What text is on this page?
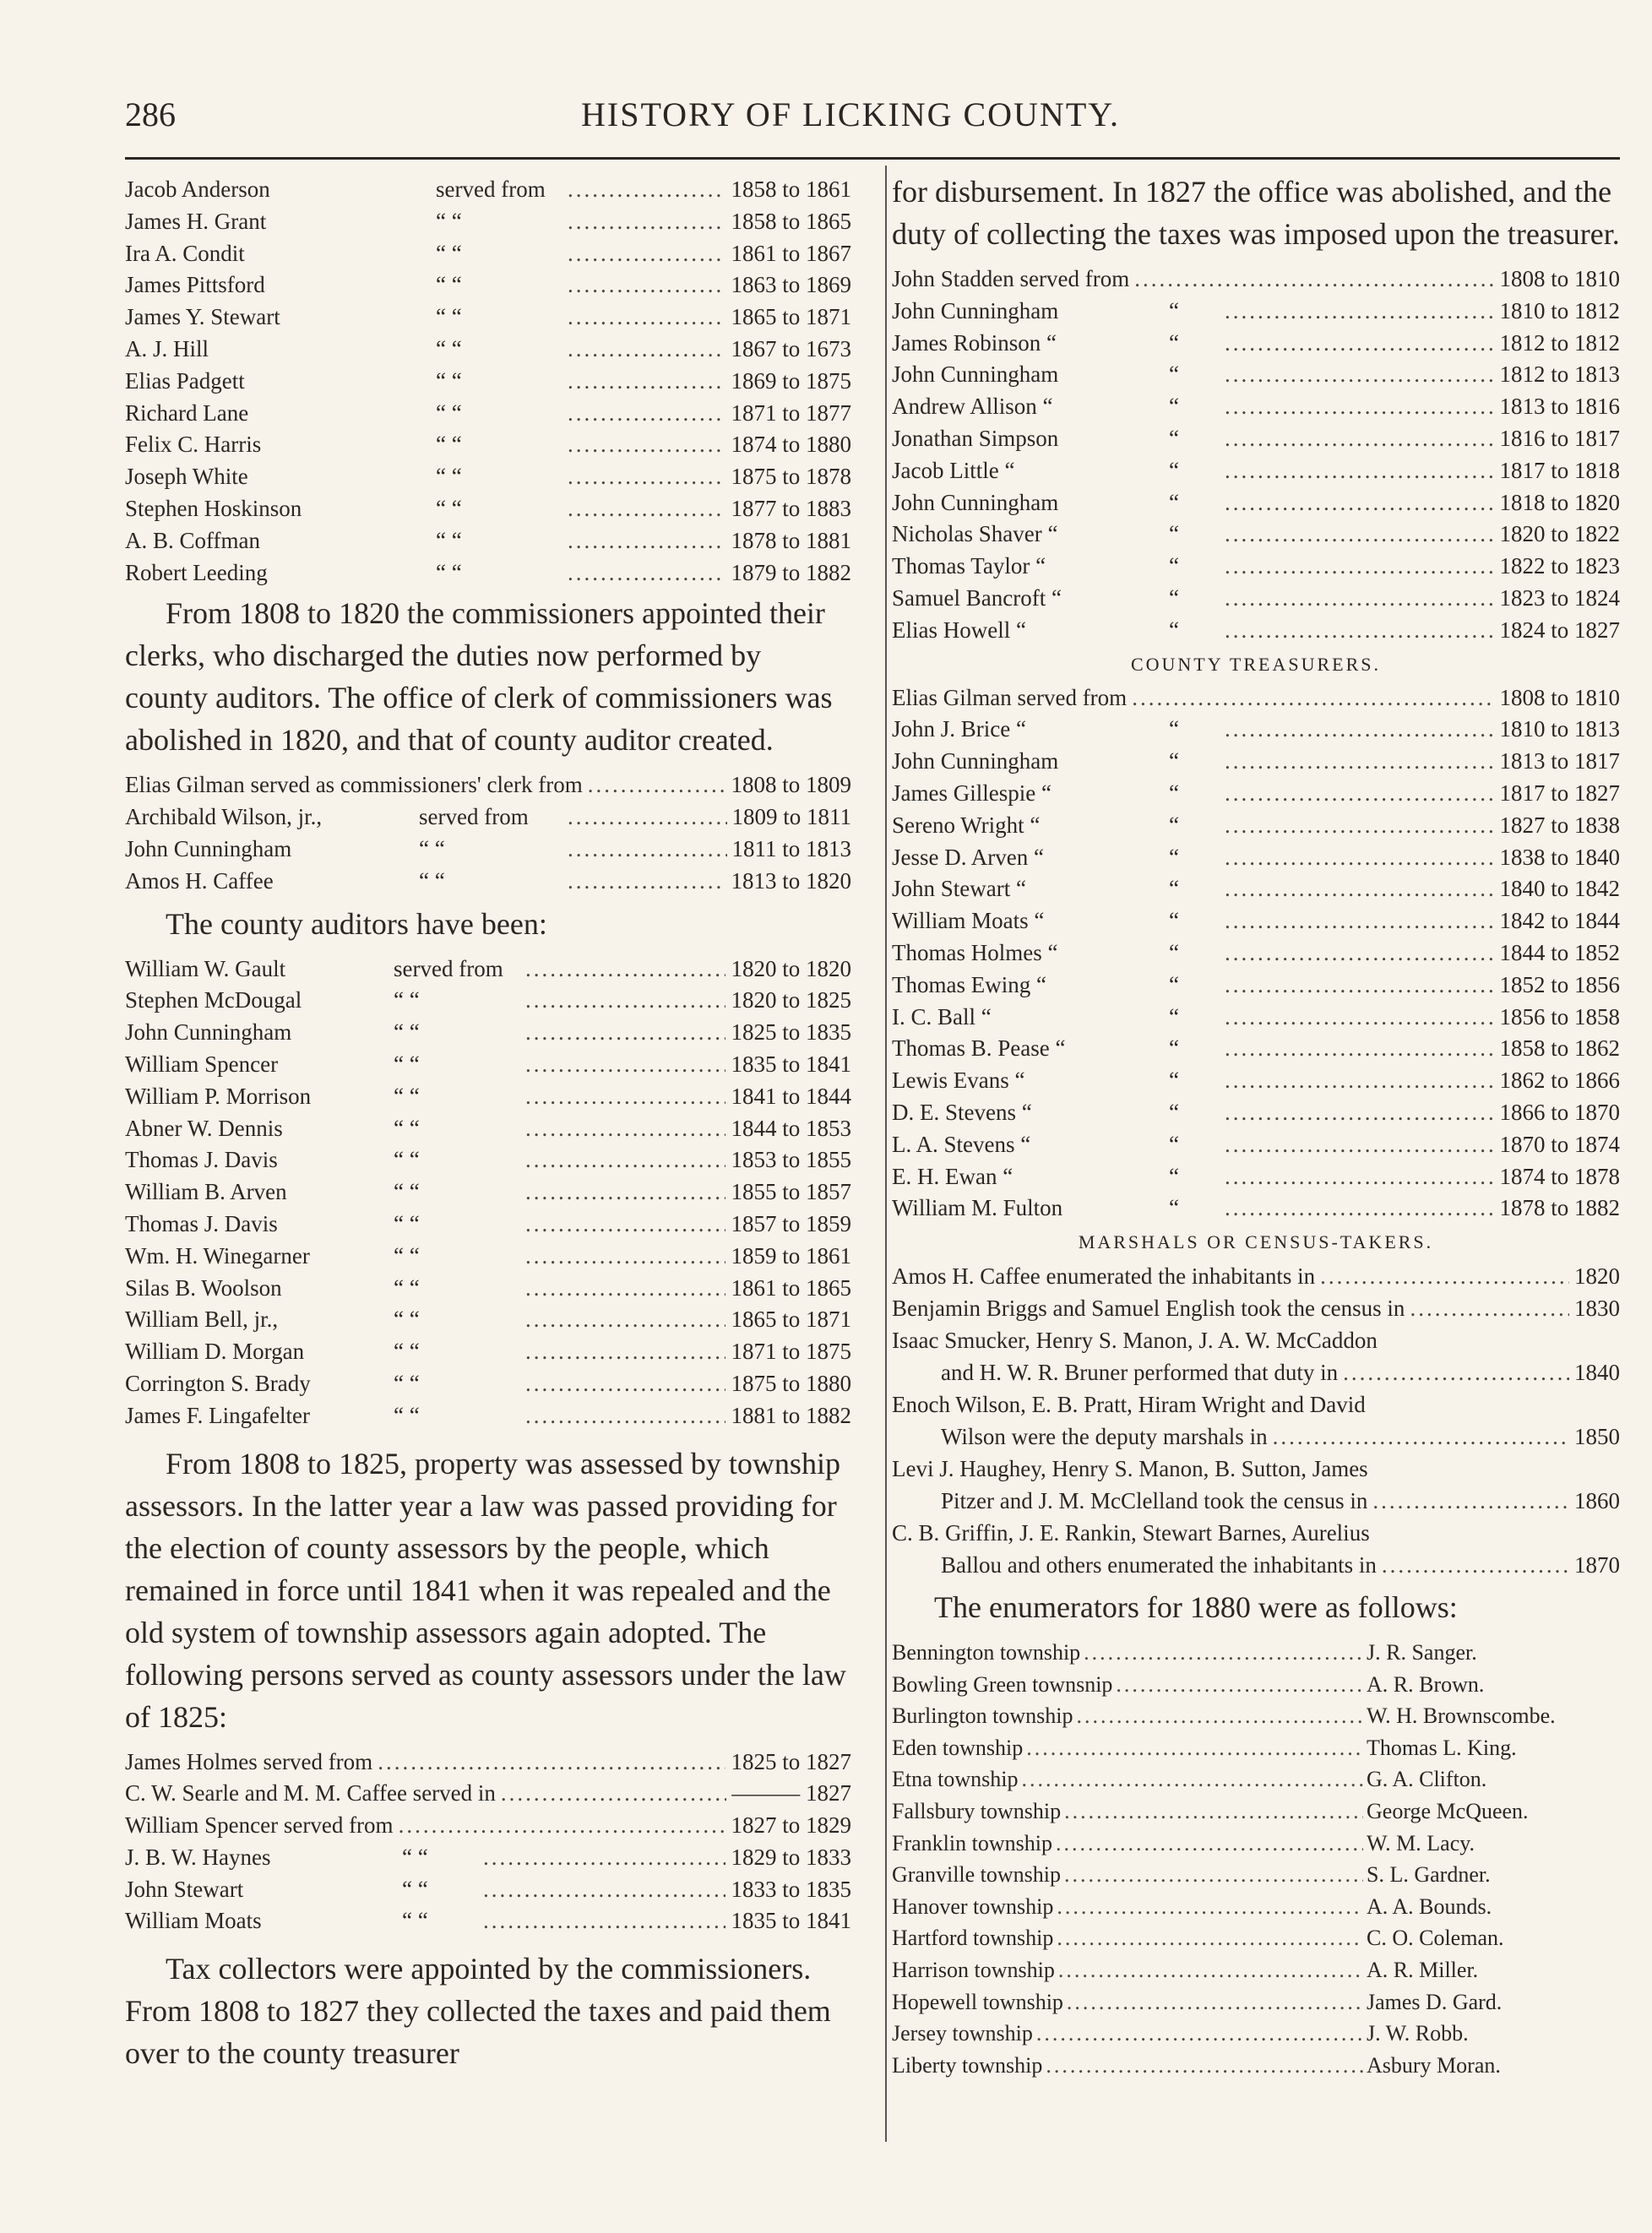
286	HISTORY OF LICKING COUNTY.
Jacob Anderson	served from .....	1858 to 1861
James H. Grant	“ “ .....	1858 to 1865
Ira A. Condit	“ “ .....	1861 to 1867
James Pittsford	“ “ .....	1863 to 1869
James Y. Stewart	“ “ .....	1865 to 1871
A. J. Hill	“ “ .....	1867 to 1673
Elias Padgett	“ “ .....	1869 to 1875
Richard Lane	“ “ .....	1871 to 1877
Felix C. Harris	“ “ .....	1874 to 1880
Joseph White	“ “ .....	1875 to 1878
Stephen Hoskinson	“ “ .....	1877 to 1883
A. B. Coffman	“ “ .....	1878 to 1881
Robert Leeding	“ “ .....	1879 to 1882
From 1808 to 1820 the commissioners appointed their clerks, who discharged the duties now performed by county auditors. The office of clerk of commissioners was abolished in 1820, and that of county auditor created.
Elias Gilman served as commissioners' clerk from .....	1808 to 1809
Archibald Wilson, jr.,	served from .....	1809 to 1811
John Cunningham	“ “ .....	1811 to 1813
Amos H. Caffee	“ “ .....	1813 to 1820
The county auditors have been:
William W. Gault	served from .....	1820 to 1820
Stephen McDougal	“ “ .....	1820 to 1825
John Cunningham	“ “ .....	1825 to 1835
William Spencer	“ “ .....	1835 to 1841
William P. Morrison	“ “ .....	1841 to 1844
Abner W. Dennis	“ “ .....	1844 to 1853
Thomas J. Davis	“ “ .....	1853 to 1855
William B. Arven	“ “ .....	1855 to 1857
Thomas J. Davis	“ “ .....	1857 to 1859
Wm. H. Winegarner	“ “ .....	1859 to 1861
Silas B. Woolson	“ “ .....	1861 to 1865
William Bell, jr.,	“ “ .....	1865 to 1871
William D. Morgan	“ “ .....	1871 to 1875
Corrington S. Brady	“ “ .....	1875 to 1880
James F. Lingafelter	“ “ .....	1881 to 1882
From 1808 to 1825, property was assessed by township assessors. In the latter year a law was passed providing for the election of county assessors by the people, which remained in force until 1841 when it was repealed and the old system of township assessors again adopted. The following persons served as county assessors under the law of 1825:
James Holmes served from .....	1825 to 1827
C. W. Searle and M. M. Caffee served in .....	——— 1827
William Spencer served from .....	1827 to 1829
J. B. W. Haynes	“ “ .....	1829 to 1833
John Stewart	“ “ .....	1833 to 1835
William Moats	“ “ .....	1835 to 1841
Tax collectors were appointed by the commissioners. From 1808 to 1827 they collected the taxes and paid them over to the county treasurer
for disbursement. In 1827 the office was abolished, and the duty of collecting the taxes was imposed upon the treasurer.
John Stadden served from .....	1808 to 1810
John Cunningham	“ .....	1810 to 1812
James Robinson “	“ .....	1812 to 1812
John Cunningham	“ .....	1812 to 1813
Andrew Allison “	“ .....	1813 to 1816
Jonathan Simpson	“ .....	1816 to 1817
Jacob Little “	“ .....	1817 to 1818
John Cunningham	“ .....	1818 to 1820
Nicholas Shaver “	“ .....	1820 to 1822
Thomas Taylor “	“ .....	1822 to 1823
Samuel Bancroft “	“ .....	1823 to 1824
Elias Howell “	“ .....	1824 to 1827
COUNTY TREASURERS.
Elias Gilman served from .....	1808 to 1810
John J. Brice “	“ .....	1810 to 1813
John Cunningham	“ .....	1813 to 1817
James Gillespie “	“ .....	1817 to 1827
Sereno Wright “	“ .....	1827 to 1838
Jesse D. Arven “	“ .....	1838 to 1840
John Stewart “	“ .....	1840 to 1842
William Moats “	“ .....	1842 to 1844
Thomas Holmes “	“ .....	1844 to 1852
Thomas Ewing “	“ .....	1852 to 1856
I. C. Ball “	“ .....	1856 to 1858
Thomas B. Pease “	“ .....	1858 to 1862
Lewis Evans “	“ .....	1862 to 1866
D. E. Stevens “	“ .....	1866 to 1870
L. A. Stevens “	“ .....	1870 to 1874
E. H. Ewan “	“ .....	1874 to 1878
William M. Fulton	“ .....	1878 to 1882
MARSHALS OR CENSUS-TAKERS.
Amos H. Caffee enumerated the inhabitants in .....	1820
Benjamin Briggs and Samuel English took the census in .....	1830
Isaac Smucker, Henry S. Manon, J. A. W. McCaddon
and H. W. R. Bruner performed that duty in .....	1840
Enoch Wilson, E. B. Pratt, Hiram Wright and David
Wilson were the deputy marshals in .....	1850
Levi J. Haughey, Henry S. Manon, B. Sutton, James
Pitzer and J. M. McClelland took the census in .....	1860
C. B. Griffin, J. E. Rankin, Stewart Barnes, Aurelius
Ballou and others enumerated the inhabitants in .....	1870
The enumerators for 1880 were as follows:
Bennington township .....	J. R. Sanger.
Bowling Green townsnip .....	A. R. Brown.
Burlington township .....	W. H. Brownscombe.
Eden township .....	Thomas L. King.
Etna township .....	G. A. Clifton.
Fallsbury township .....	George McQueen.
Franklin township .....	W. M. Lacy.
Granville township .....	S. L. Gardner.
Hanover township .....	A. A. Bounds.
Hartford township .....	C. O. Coleman.
Harrison township .....	A. R. Miller.
Hopewell township .....	James D. Gard.
Jersey township .....	J. W. Robb.
Liberty township .....	Asbury Moran.
